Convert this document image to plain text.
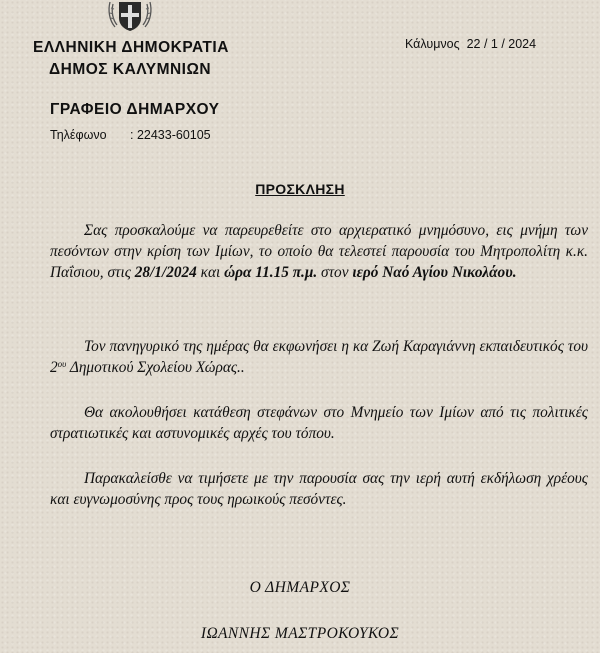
ΕΛΛΗΝΙΚΗ ΔΗΜΟΚΡΑΤΙΑ
ΔΗΜΟΣ ΚΑΛΥΜΝΙΩΝ
ΓΡΑΦΕΙΟ ΔΗΜΑΡΧΟΥ
Τηλέφωνο : 22433-60105
Κάλυμνος  22 / 1 / 2024
ΠΡΟΣΚΛΗΣΗ
Σας προσκαλούμε να παρευρεθείτε στο αρχιερατικό μνημόσυνο, εις μνήμη των πεσόντων στην κρίση των Ιμίων, το οποίο θα τελεστεί παρουσία του Μητροπολίτη κ.κ. Παΐσιου, στις 28/1/2024 και ώρα 11.15 π.μ. στον ιερό Ναό Αγίου Νικολάου.
Τον πανηγυρικό της ημέρας θα εκφωνήσει η κα Ζωή Καραγιάννη εκπαιδευτικός του $2^{o\upsilon}$ Δημοτικού Σχολείου Χώρας..
Θα ακολουθήσει κατάθεση στεφάνων στο Μνημείο των Ιμίων από τις πολιτικές στρατιωτικές και αστυνομικές αρχές του τόπου.
Παρακαλείσθε να τιμήσετε με την παρουσία σας την ιερή αυτή εκδήλωση χρέους και ευγνωμοσύνης προς τους ηρωικούς πεσόντες.
Ο ΔΗΜΑΡΧΟΣ
ΙΩΑΝΝΗΣ ΜΑΣΤΡΟΚΟΥΚΟΣ
